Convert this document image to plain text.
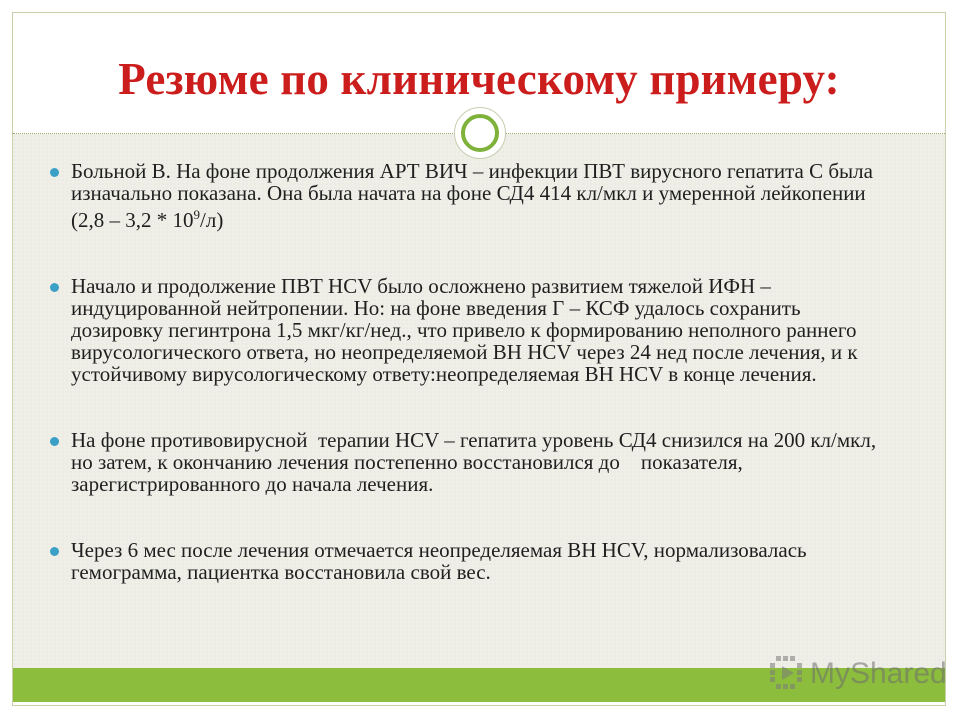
Резюме по клиническому примеру:
Больной В. На фоне продолжения АРТ ВИЧ – инфекции ПВТ вирусного гепатита С была изначально показана. Она была начата на фоне СД4 414 кл/мкл и умеренной лейкопении $(2,8 - 3,2 * 10^9/л)$
Начало и продолжение ПВТ HCV было осложнено развитием тяжелой ИФН – индуцированной нейтропении. Но: на фоне введения Г – КСФ удалось сохранить дозировку пегинтрона 1,5 мкг/кг/нед., что привело к формированию неполного раннего вирусологического ответа, но неопределяемой ВН HCV через 24 нед после лечения, и к устойчивому вирусологическому ответу:неопределяемая ВН HCV в конце лечения.
На фоне противовирусной  терапии HCV – гепатита уровень СД4 снизился на 200 кл/мкл, но затем, к окончанию лечения постепенно восстановился до    показателя, зарегистрированного до начала лечения.
Через 6 мес после лечения отмечается неопределяемая ВН HCV, нормализовалась гемограмма, пациентка восстановила свой вес.
MyShared
